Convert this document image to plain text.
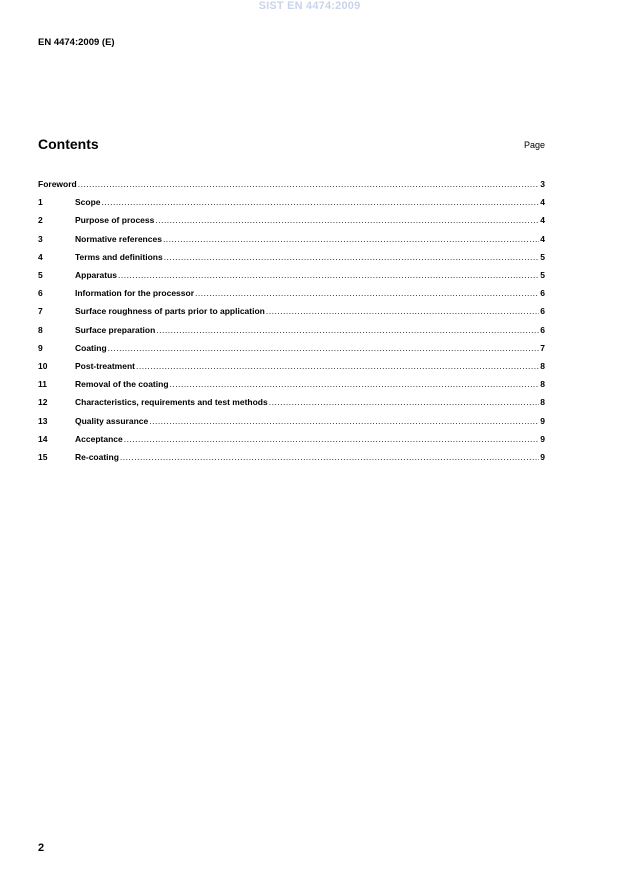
SIST EN 4474:2009
EN 4474:2009 (E)
Contents	Page
Foreword .....	3
1	Scope .....	4
2	Purpose of process .....	4
3	Normative references .....	4
4	Terms and definitions .....	5
5	Apparatus .....	5
6	Information for the processor .....	6
7	Surface roughness of parts prior to application .....	6
8	Surface preparation .....	6
9	Coating .....	7
10	Post-treatment .....	8
11	Removal of the coating .....	8
12	Characteristics, requirements and test methods .....	8
13	Quality assurance .....	9
14	Acceptance .....	9
15	Re-coating .....	9
2
